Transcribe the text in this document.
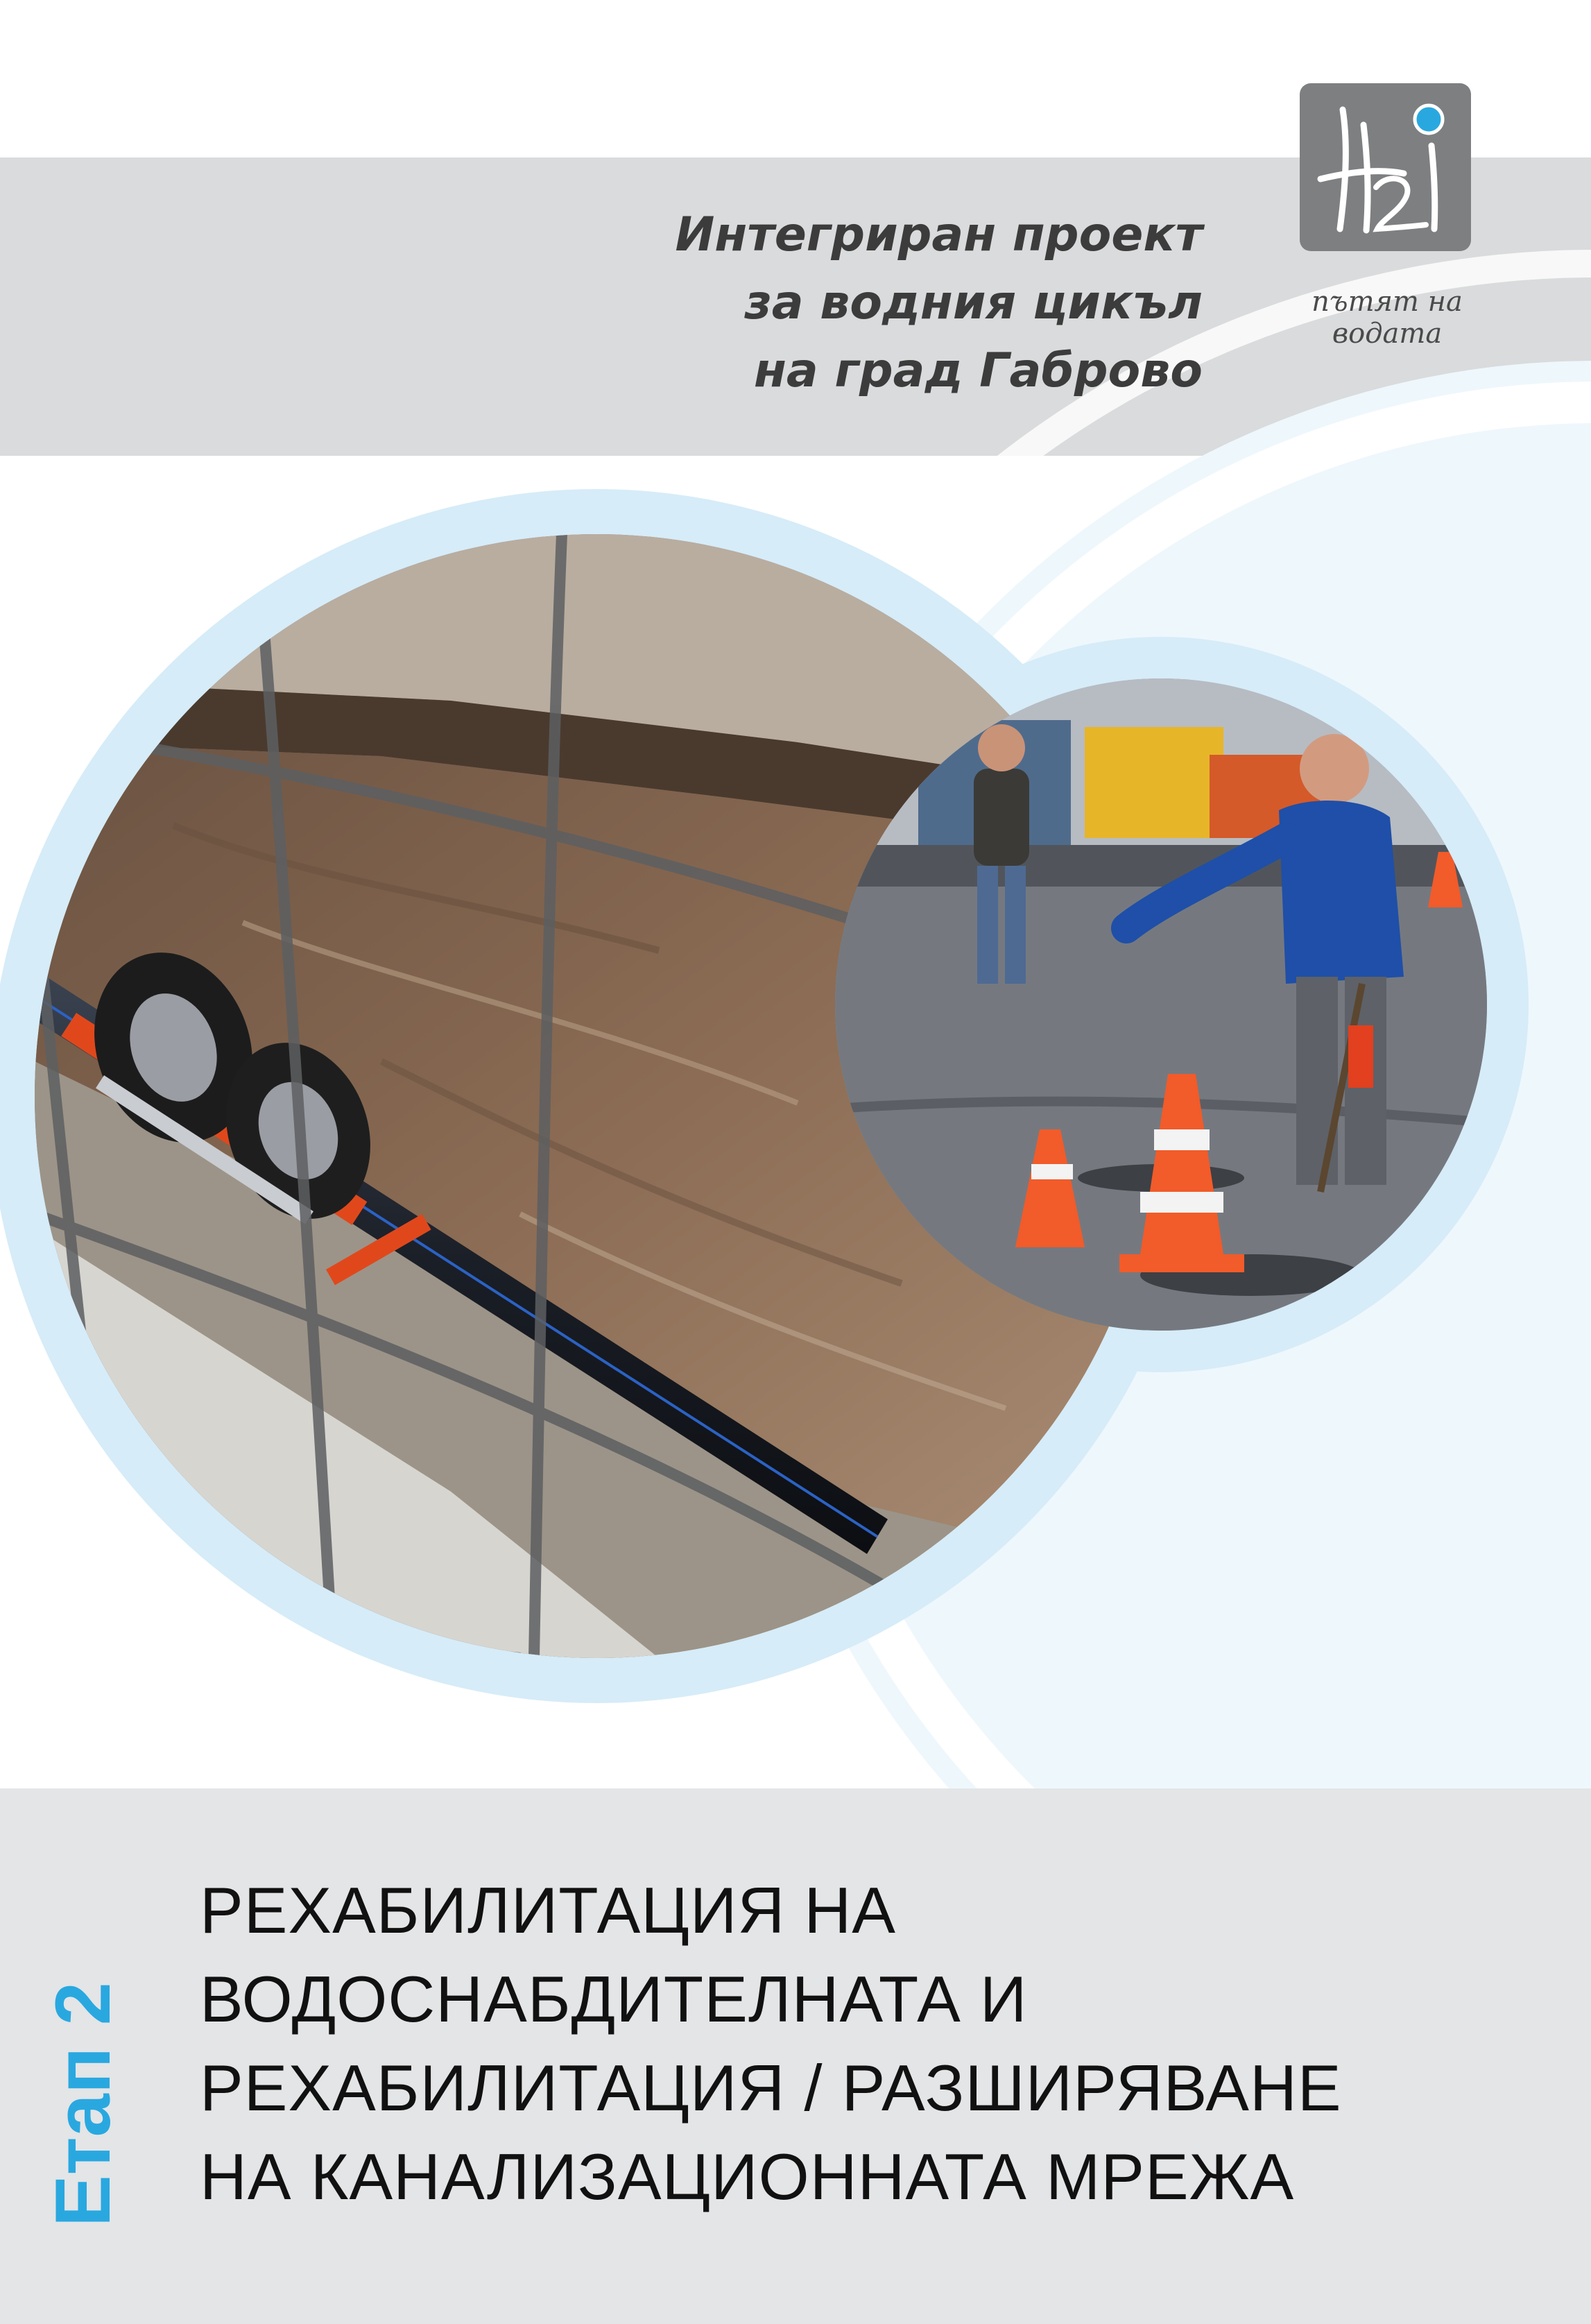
Интегриран проект
за водния цикъл
на град Габрово
пътят на водата
Етап 2
РЕХАБИЛИТАЦИЯ НА
ВОДОСНАБДИТЕЛНАТА И
РЕХАБИЛИТАЦИЯ / РАЗШИРЯВАНЕ
НА КАНАЛИЗАЦИОННАТА МРЕЖА
